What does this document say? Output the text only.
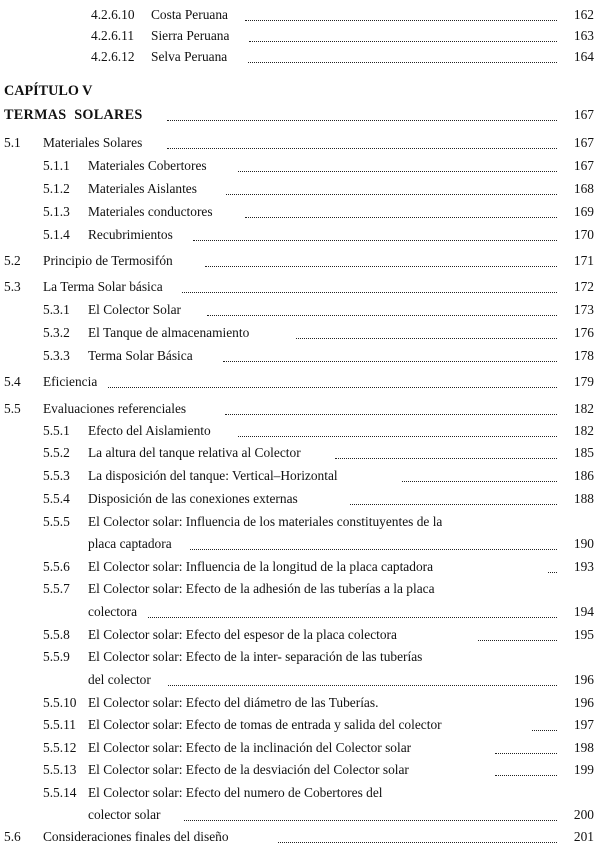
4.2.6.10 Costa Peruana	162
4.2.6.11 Sierra Peruana	163
4.2.6.12 Selva Peruana	164
CAPÍTULO V
TERMAS  SOLARES	167
5.1 Materiales Solares	167
5.1.1 Materiales Cobertores	167
5.1.2 Materiales Aislantes	168
5.1.3 Materiales conductores	169
5.1.4 Recubrimientos	170
5.2 Principio de Termosifón	171
5.3 La Terma Solar básica	172
5.3.1 El Colector Solar	173
5.3.2 El Tanque de almacenamiento	176
5.3.3 Terma Solar Básica	178
5.4 Eficiencia	179
5.5 Evaluaciones referenciales	182
5.5.1 Efecto del Aislamiento	182
5.5.2 La altura del tanque relativa al Colector	185
5.5.3 La disposición del tanque: Vertical–Horizontal	186
5.5.4 Disposición de las conexiones externas	188
5.5.5 El Colector solar: Influencia de los materiales constituyentes de la
placa captadora	190
5.5.6 El Colector solar: Influencia de la longitud de la placa captadora	193
5.5.7 El Colector solar: Efecto de la adhesión de las tuberías a la placa
colectora	194
5.5.8 El Colector solar: Efecto del espesor de la placa colectora	195
5.5.9 El Colector solar: Efecto de la inter- separación de las tuberías
del colector	196
5.5.10 El Colector solar: Efecto del diámetro de las Tuberías.	196
5.5.11 El Colector solar: Efecto de tomas de entrada y salida del colector	197
5.5.12 El Colector solar: Efecto de la inclinación del Colector solar	198
5.5.13 El Colector solar: Efecto de la desviación del Colector solar	199
5.5.14 El Colector solar: Efecto del numero de Cobertores del
colector solar	200
5.6 Consideraciones finales del diseño	201
